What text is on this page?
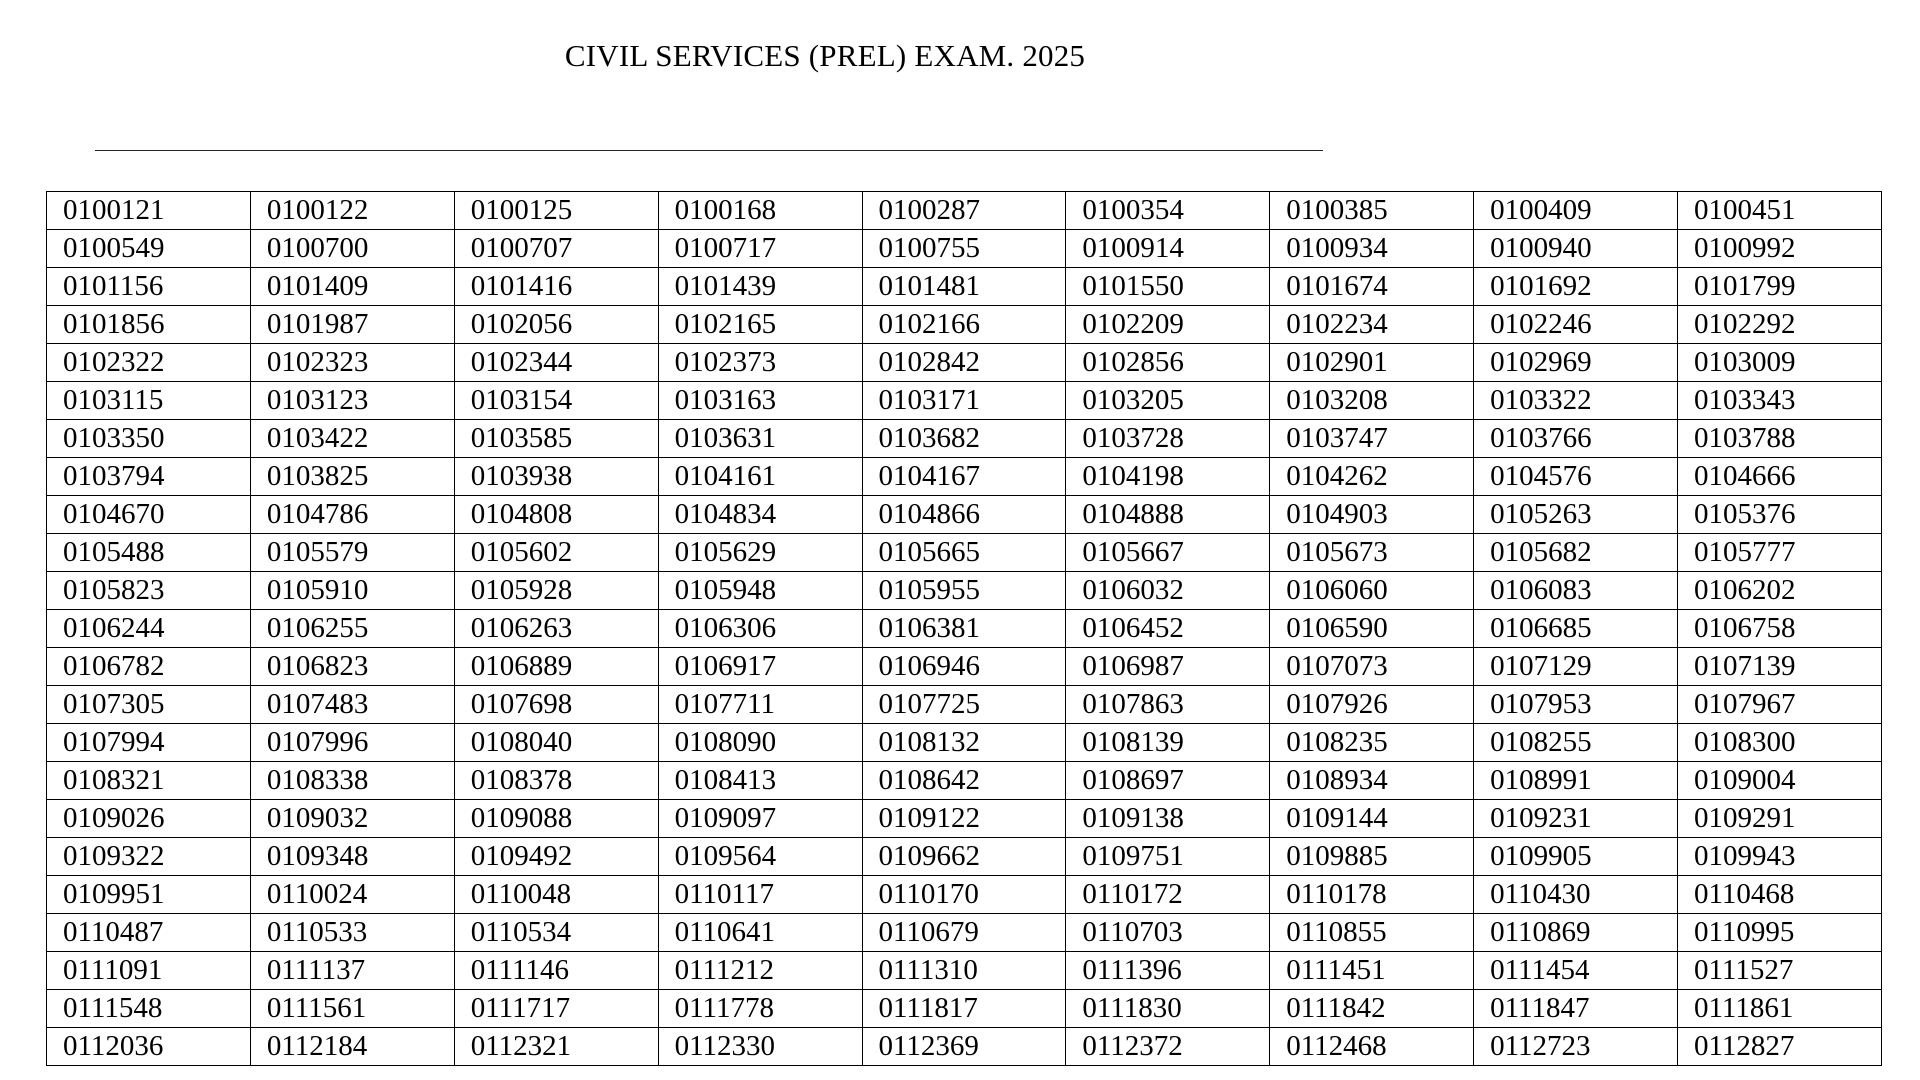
CIVIL SERVICES (PREL) EXAM. 2025
0100121	0100122	0100125	0100168	0100287	0100354	0100385	0100409	0100451
0100549	0100700	0100707	0100717	0100755	0100914	0100934	0100940	0100992
0101156	0101409	0101416	0101439	0101481	0101550	0101674	0101692	0101799
0101856	0101987	0102056	0102165	0102166	0102209	0102234	0102246	0102292
0102322	0102323	0102344	0102373	0102842	0102856	0102901	0102969	0103009
0103115	0103123	0103154	0103163	0103171	0103205	0103208	0103322	0103343
0103350	0103422	0103585	0103631	0103682	0103728	0103747	0103766	0103788
0103794	0103825	0103938	0104161	0104167	0104198	0104262	0104576	0104666
0104670	0104786	0104808	0104834	0104866	0104888	0104903	0105263	0105376
0105488	0105579	0105602	0105629	0105665	0105667	0105673	0105682	0105777
0105823	0105910	0105928	0105948	0105955	0106032	0106060	0106083	0106202
0106244	0106255	0106263	0106306	0106381	0106452	0106590	0106685	0106758
0106782	0106823	0106889	0106917	0106946	0106987	0107073	0107129	0107139
0107305	0107483	0107698	0107711	0107725	0107863	0107926	0107953	0107967
0107994	0107996	0108040	0108090	0108132	0108139	0108235	0108255	0108300
0108321	0108338	0108378	0108413	0108642	0108697	0108934	0108991	0109004
0109026	0109032	0109088	0109097	0109122	0109138	0109144	0109231	0109291
0109322	0109348	0109492	0109564	0109662	0109751	0109885	0109905	0109943
0109951	0110024	0110048	0110117	0110170	0110172	0110178	0110430	0110468
0110487	0110533	0110534	0110641	0110679	0110703	0110855	0110869	0110995
0111091	0111137	0111146	0111212	0111310	0111396	0111451	0111454	0111527
0111548	0111561	0111717	0111778	0111817	0111830	0111842	0111847	0111861
0112036	0112184	0112321	0112330	0112369	0112372	0112468	0112723	0112827
